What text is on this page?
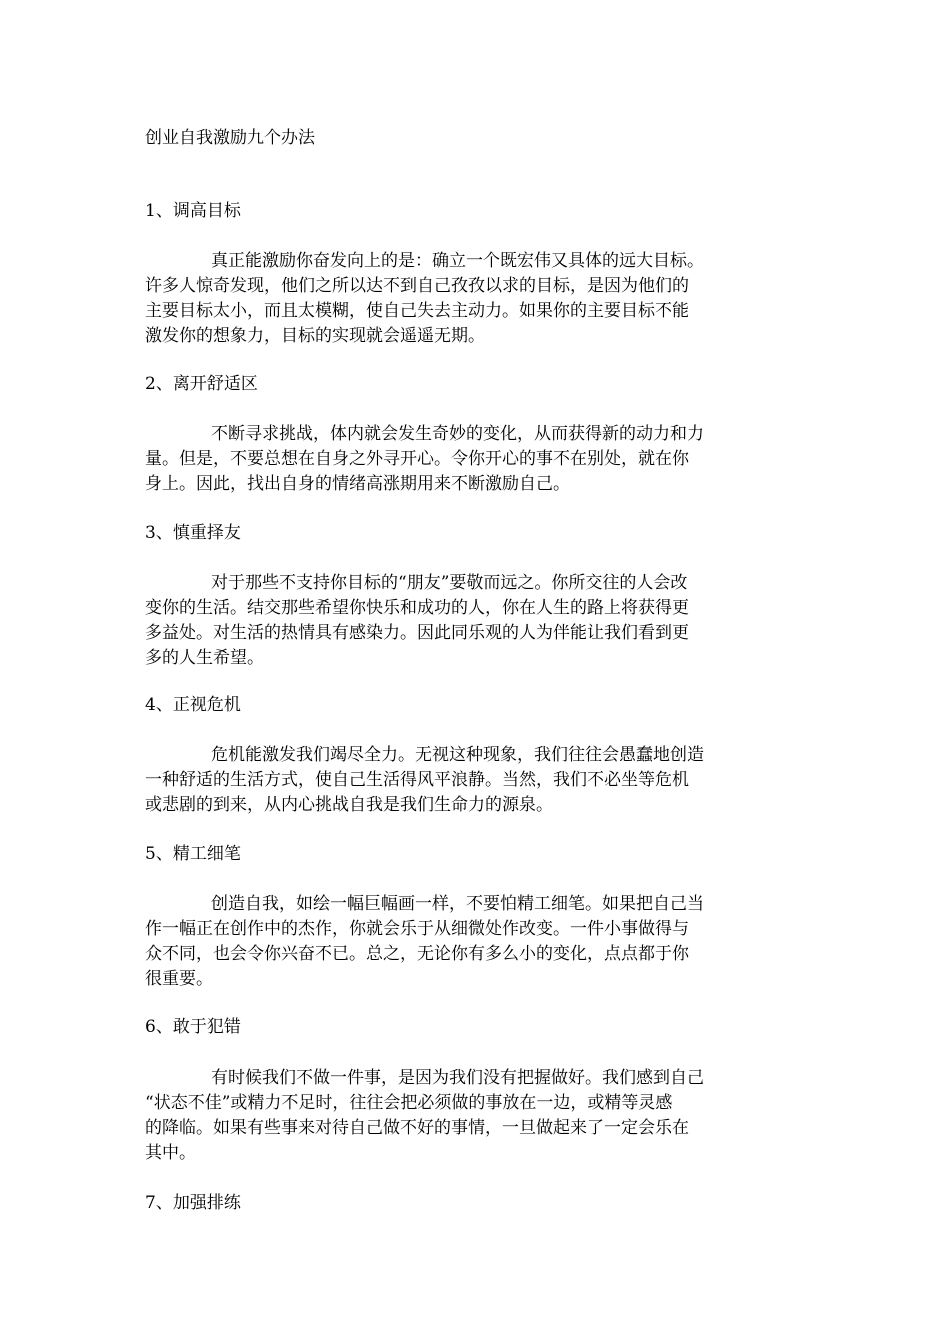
创业自我激励九个办法
1、调高目标
真正能激励你奋发向上的是：确立一个既宏伟又具体的远大目标。
许多人惊奇发现，他们之所以达不到自己孜孜以求的目标，是因为他们的
主要目标太小，而且太模糊，使自己失去主动力。如果你的主要目标不能
激发你的想象力，目标的实现就会遥遥无期。
2、离开舒适区
不断寻求挑战，体内就会发生奇妙的变化，从而获得新的动力和力
量。但是，不要总想在自身之外寻开心。令你开心的事不在别处，就在你
身上。因此，找出自身的情绪高涨期用来不断激励自己。
3、慎重择友
对于那些不支持你目标的“朋友”要敬而远之。你所交往的人会改
变你的生活。结交那些希望你快乐和成功的人，你在人生的路上将获得更
多益处。对生活的热情具有感染力。因此同乐观的人为伴能让我们看到更
多的人生希望。
4、正视危机
危机能激发我们竭尽全力。无视这种现象，我们往往会愚蠢地创造
一种舒适的生活方式，使自己生活得风平浪静。当然，我们不必坐等危机
或悲剧的到来，从内心挑战自我是我们生命力的源泉。
5、精工细笔
创造自我，如绘一幅巨幅画一样，不要怕精工细笔。如果把自己当
作一幅正在创作中的杰作，你就会乐于从细微处作改变。一件小事做得与
众不同，也会令你兴奋不已。总之，无论你有多么小的变化，点点都于你
很重要。
6、敢于犯错
有时候我们不做一件事，是因为我们没有把握做好。我们感到自己
“状态不佳”或精力不足时，往往会把必须做的事放在一边，或精等灵感
的降临。如果有些事来对待自己做不好的事情，一旦做起来了一定会乐在
其中。
7、加强排练
